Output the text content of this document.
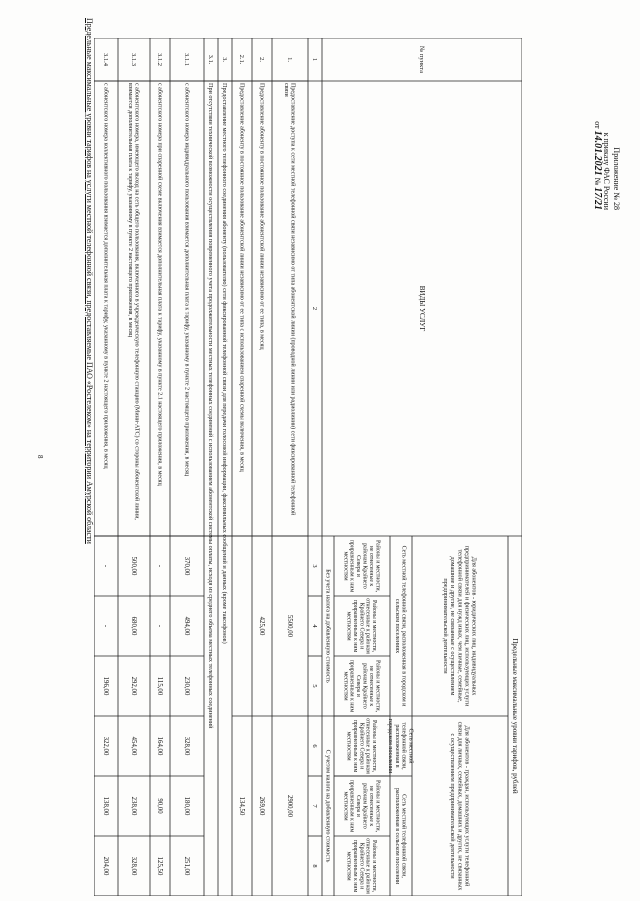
8
Приложение № 28
к приказу ФАС России
от 14.01.2021 № 17/21
Предельные максимальные уровни тарифов на услуги местной телефонной связи, предоставляемые ПАО «Ростелеком» на территории Амурской области	№ пункта
ВИДЫ УСЛУГ
Предельные максимальные уровни тарифов, рублей
Для абонентов - юридических лиц, индивидуальныхпредпринимателей и физических лиц, использующих услугителефонной связи для нужд иных, чем личные, семейные,домашние и другие, не связанные с осуществлениемпредпринимательской деятельности
Для абонентов - граждан, использующих услуги телефоннойсвязи для личных, семейных, домашних и других, не связанныхс осуществлением предпринимательской деятельности
Сеть местной телефонной связи, расположенная в городском исельском поселениях
Сеть местнойтелефонной связи,расположенная вгородском поселении
Сеть местной телефонной связи,расположенная в сельском поселении
Районы и местности,не отнесенные крайонам КрайнегоСевера иприравненным к нимместностям
Районы и местности,отнесенные к районамКрайнего Севера иприравненным к нимместностям
Районы и местности,не отнесенные крайонам КрайнегоСевера иприравненным к нимместностям
Районы и местности,отнесенные к районамКрайнего Севера иприравненным к нимместностям
Районы и местности,не отнесенные крайонам КрайнегоСевера иприравненным к нимместностям
Районы и местности,отнесенные к районамКрайнего Севера иприравненным к нимместностям
Без учета налога на добавленную стоимость
С учетом налога на добавленную стоимость
1
2
3
4
5
6
7
8
1.
Предоставление доступа к сети местной телефонной связи независимо от типа абонентской линии (проводной линии или радиолинии) сети фиксированной телефоннойсвязи
5500,00
2900,00
2.
Предоставление абоненту в постоянное пользование абонентской линии независимо от ее типа, в месяц
425,00
269,00
2.1.
Предоставление абоненту в постоянное пользование абонентской линии независимо от ее типа с использованием спаренной схемы включения, в месяц
134,50
3.
Предоставление местного телефонного соединения абоненту (пользователю) сети фиксированной телефонной связи для передачи голосовой информации, факсимильных сообщений и данных (кроме таксофонов)
3.1.
При отсутствии технической возможности осуществления повременного учета продолжительности местных телефонных соединений с использованием абонентской системы оплаты, исходя из среднего объема местных телефонных соединений
3.1.1
с абонентского номера индивидуального пользования взимается дополнительная плата к тарифу, указанному в пункте 2 настоящего приложения, в месяц
370,00
494,00
230,00
328,00
180,00
251,00
3.1.2
с абонентского номера при спаренной схеме включения взимается дополнительная плата к тарифу, указанному в пункте 2.1 настоящего приложения, в месяц
-
-
115,00
164,00
90,00
125,50
3.1.3
с абонентского номера, имеющего выход на сеть общего пользования, включенного в учрежденческую телефонную станцию (Мини-АТС) со стороны абонентской линии,взимается дополнительная плата к тарифу, указанному в пункте 2 настоящего приложения, в месяц
500,00
680,00
292,00
454,00
238,00
328,00
3.1.4
с абонентского номера коллективного пользования взимается дополнительная плата к тарифу, указанному в пункте 2 настоящего приложения, в месяц
-
-
196,00
322,00
138,00
204,00
